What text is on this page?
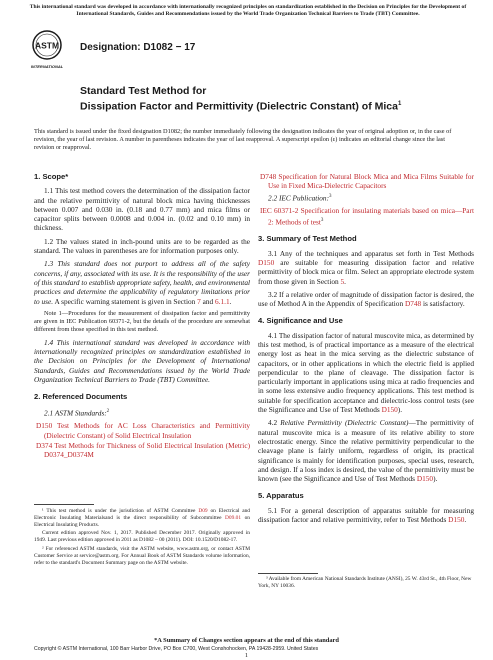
This international standard was developed in accordance with internationally recognized principles on standardization established in the Decision on Principles for the Development of International Standards, Guides and Recommendations issued by the World Trade Organization Technical Barriers to Trade (TBT) Committee.
ASTM
INTERNATIONAL
Designation: D1082 − 17
Standard Test Method for
Dissipation Factor and Permittivity (Dielectric Constant) of Mica$^1$
This standard is issued under the fixed designation D1082; the number immediately following the designation indicates the year of original adoption or, in the case of revision, the year of last revision. A number in parentheses indicates the year of last reapproval. A superscript epsilon (ε) indicates an editorial change since the last revision or reapproval.
1. Scope*

1.1 This test method covers the determination of the dissipation factor and the relative permittivity of natural block mica having thicknesses between 0.007 and 0.030 in. (0.18 and 0.77 mm) and mica films or capacitor splits between 0.0008 and 0.004 in. (0.02 and 0.10 mm) in thickness.

1.2 The values stated in inch-pound units are to be regarded as the standard. The values in parentheses are for information purposes only.

1.3 This standard does not purport to address all of the safety concerns, if any, associated with its use. It is the responsibility of the user of this standard to establish appropriate safety, health, and environmental practices and determine the applicability of regulatory limitations prior to use. A specific warning statement is given in Section 7 and 6.1.1.

Note 1—Procedures for the measurement of dissipation factor and permittivity are given in IEC Publication 60371-2, but the details of the procedure are somewhat different from those specified in this test method.

1.4 This international standard was developed in accordance with internationally recognized principles on standardization established in the Decision on Principles for the Development of International Standards, Guides and Recommendations issued by the World Trade Organization Technical Barriers to Trade (TBT) Committee.

2. Referenced Documents

2.1 ASTM Standards:$^2$

D150 Test Methods for AC Loss Characteristics and Permittivity (Dielectric Constant) of Solid Electrical Insulation
D374 Test Methods for Thickness of Solid Electrical Insulation (Metric) D0374_D0374M
D748 Specification for Natural Block Mica and Mica Films Suitable for Use in Fixed Mica-Dielectric Capacitors

2.2 IEC Publication:$^3$

IEC 60371-2 Specification for insulating materials based on mica—Part 2: Methods of test$^3$
3. Summary of Test Method

3.1 Any of the techniques and apparatus set forth in Test Methods D150 are suitable for measuring dissipation factor and relative permittivity of block mica or film. Select an appropriate electrode system from those given in Section 5.

3.2 If a relative order of magnitude of dissipation factor is desired, the use of Method A in the Appendix of Specification D748 is satisfactory.

4. Significance and Use

4.1 The dissipation factor of natural muscovite mica, as determined by this test method, is of practical importance as a measure of the electrical energy lost as heat in the mica serving as the dielectric substance of capacitors, or in other applications in which the electric field is applied perpendicular to the plane of cleavage. The dissipation factor is particularly important in applications using mica at radio frequencies and in some less extensive audio frequency applications. This test method is suitable for specification acceptance and dielectric-loss control tests (see the Significance and Use of Test Methods D150).

4.2 Relative Permittivity (Dielectric Constant)—The permittivity of natural muscovite mica is a measure of its relative ability to store electrostatic energy. Since the relative permittivity perpendicular to the cleavage plane is fairly uniform, regardless of origin, its practical significance is mainly for identification purposes, special uses, research, and design. If a loss index is desired, the value of the permittivity must be known (see the Significance and Use of Test Methods D150).

5. Apparatus

5.1 For a general description of apparatus suitable for measuring dissipation factor and relative permittivity, refer to Test Methods D150.

¹ This test method is under the jurisdiction of ASTM Committee D09 on Electrical and Electronic Insulating Materialsand is the direct responsibility of Subcommittee D09.01 on Electrical Insulating Products.

Current edition approved Nov. 1, 2017. Published December 2017. Originally approved in 1949. Last previous edition approved in 2011 as D1082 – 00 (2011). DOI: 10.1520/D1082-17.

² For referenced ASTM standards, visit the ASTM website, www.astm.org, or contact ASTM Customer Service at service@astm.org. For Annual Book of ASTM Standards volume information, refer to the standard's Document Summary page on the ASTM website.

³ Available from American National Standards Institute (ANSI), 25 W. 43rd St., 4th Floor, New York, NY 10036.

*A Summary of Changes section appears at the end of this standard
Copyright © ASTM International, 100 Barr Harbor Drive, PO Box C700, West Conshohocken, PA 19428-2959. United States
1
